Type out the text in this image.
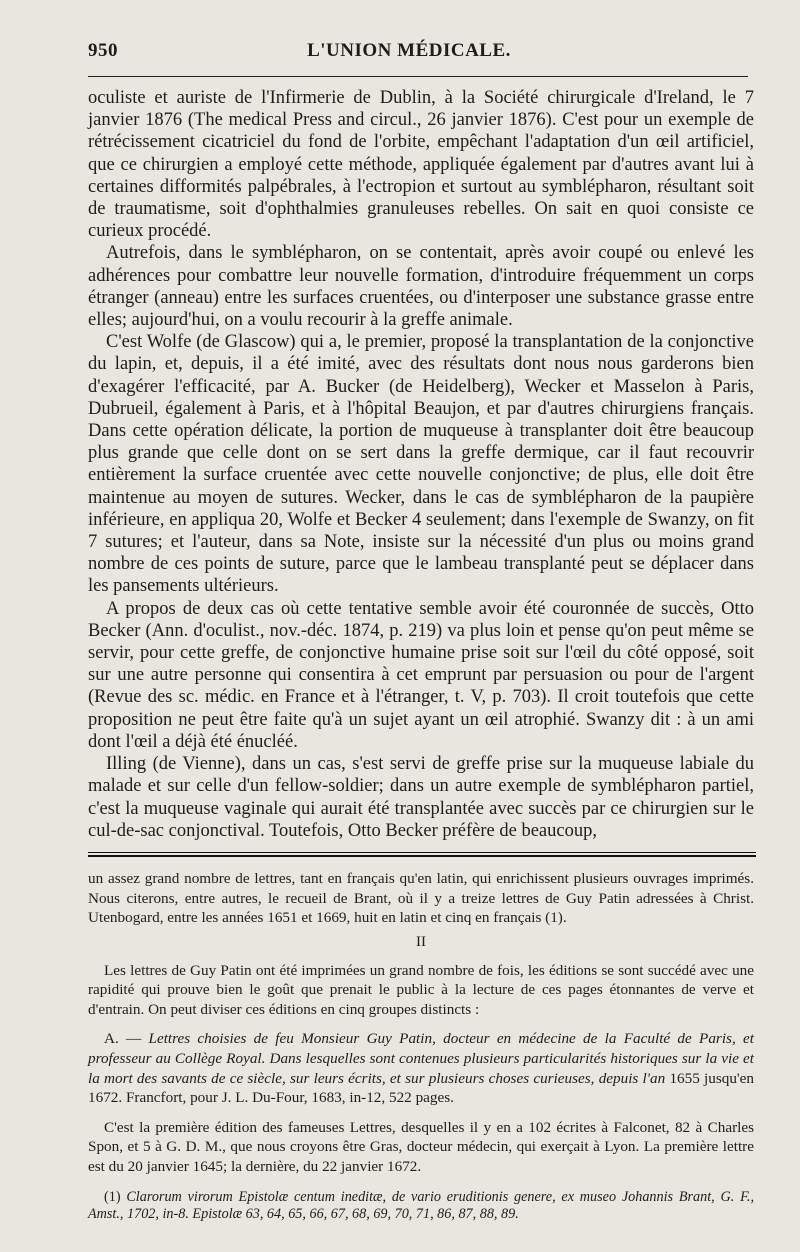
950	L'UNION MÉDICALE.

oculiste et auriste de l'Infirmerie de Dublin, à la Société chirurgicale d'Ireland, le 7 janvier 1876 (The medical Press and circul., 26 janvier 1876). C'est pour un exemple de rétrécissement cicatriciel du fond de l'orbite, empêchant l'adaptation d'un œil artificiel, que ce chirurgien a employé cette méthode, appliquée également par d'autres avant lui à certaines difformités palpébrales, à l'ectropion et surtout au symblépharon, résultant soit de traumatisme, soit d'ophthalmies granuleuses rebelles. On sait en quoi consiste ce curieux procédé.

Autrefois, dans le symblépharon, on se contentait, après avoir coupé ou enlevé les adhérences pour combattre leur nouvelle formation, d'introduire fréquemment un corps étranger (anneau) entre les surfaces cruentées, ou d'interposer une substance grasse entre elles; aujourd'hui, on a voulu recourir à la greffe animale.

C'est Wolfe (de Glascow) qui a, le premier, proposé la transplantation de la conjonctive du lapin, et, depuis, il a été imité, avec des résultats dont nous nous garderons bien d'exagérer l'efficacité, par A. Bucker (de Heidelberg), Wecker et Masselon à Paris, Dubrueil, également à Paris, et à l'hôpital Beaujon, et par d'autres chirurgiens français. Dans cette opération délicate, la portion de muqueuse à transplanter doit être beaucoup plus grande que celle dont on se sert dans la greffe dermique, car il faut recouvrir entièrement la surface cruentée avec cette nouvelle conjonctive; de plus, elle doit être maintenue au moyen de sutures. Wecker, dans le cas de symblépharon de la paupière inférieure, en appliqua 20, Wolfe et Becker 4 seulement; dans l'exemple de Swanzy, on fit 7 sutures; et l'auteur, dans sa Note, insiste sur la nécessité d'un plus ou moins grand nombre de ces points de suture, parce que le lambeau transplanté peut se déplacer dans les pansements ultérieurs.

A propos de deux cas où cette tentative semble avoir été couronnée de succès, Otto Becker (Ann. d'oculist., nov.-déc. 1874, p. 219) va plus loin et pense qu'on peut même se servir, pour cette greffe, de conjonctive humaine prise soit sur l'œil du côté opposé, soit sur une autre personne qui consentira à cet emprunt par persuasion ou pour de l'argent (Revue des sc. médic. en France et à l'étranger, t. V, p. 703). Il croit toutefois que cette proposition ne peut être faite qu'à un sujet ayant un œil atrophié. Swanzy dit : à un ami dont l'œil a déjà été énucléé.

Illing (de Vienne), dans un cas, s'est servi de greffe prise sur la muqueuse labiale du malade et sur celle d'un fellow-soldier; dans un autre exemple de symblépharon partiel, c'est la muqueuse vaginale qui aurait été transplantée avec succès par ce chirurgien sur le cul-de-sac conjonctival. Toutefois, Otto Becker préfère de beaucoup,

un assez grand nombre de lettres, tant en français qu'en latin, qui enrichissent plusieurs ouvrages imprimés. Nous citerons, entre autres, le recueil de Brant, où il y a treize lettres de Guy Patin adressées à Christ. Utenbogard, entre les années 1651 et 1669, huit en latin et cinq en français (1).

II

Les lettres de Guy Patin ont été imprimées un grand nombre de fois, les éditions se sont succédé avec une rapidité qui prouve bien le goût que prenait le public à la lecture de ces pages étonnantes de verve et d'entrain. On peut diviser ces éditions en cinq groupes distincts :

A. — Lettres choisies de feu Monsieur Guy Patin, docteur en médecine de la Faculté de Paris, et professeur au Collège Royal. Dans lesquelles sont contenues plusieurs particularités historiques sur la vie et la mort des savants de ce siècle, sur leurs écrits, et sur plusieurs choses curieuses, depuis l'an 1655 jusqu'en 1672. Francfort, pour J. L. Du-Four, 1683, in-12, 522 pages.

C'est la première édition des fameuses Lettres, desquelles il y en a 102 écrites à Falconet, 82 à Charles Spon, et 5 à G. D. M., que nous croyons être Gras, docteur médecin, qui exerçait à Lyon. La première lettre est du 20 janvier 1645; la dernière, du 22 janvier 1672.

(1) Clarorum virorum Epistolæ centum ineditæ, de vario eruditionis genere, ex museo Johannis Brant, G. F., Amst., 1702, in-8. Epistolæ 63, 64, 65, 66, 67, 68, 69, 70, 71, 86, 87, 88, 89.
